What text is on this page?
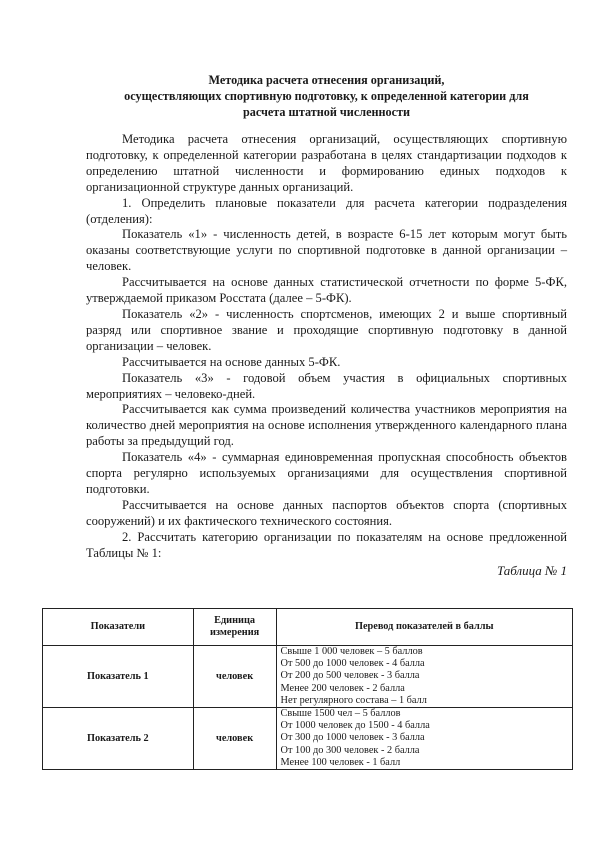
Методика расчета отнесения организаций,
осуществляющих спортивную подготовку, к определенной категории для
расчета штатной численности

Методика расчета отнесения организаций, осуществляющих спортивную подготовку, к определенной категории разработана в целях стандартизации подходов к определению штатной численности и формированию единых подходов к организационной структуре данных организаций.

1. Определить плановые показатели для расчета категории подразделения (отделения):

Показатель «1» - численность детей, в возрасте 6-15 лет которым могут быть оказаны соответствующие услуги по спортивной подготовке в данной организации – человек.

Рассчитывается на основе данных статистической отчетности по форме 5-ФК, утверждаемой приказом Росстата (далее – 5-ФК).

Показатель «2» - численность спортсменов, имеющих 2 и выше спортивный разряд или спортивное звание и проходящие спортивную подготовку в данной организации – человек.

Рассчитывается на основе данных 5-ФК.

Показатель «3» - годовой объем участия в официальных спортивных мероприятиях – человеко-дней.

Рассчитывается как сумма произведений количества участников мероприятия на количество дней мероприятия на основе исполнения утвержденного календарного плана работы за предыдущий год.

Показатель «4» - суммарная единовременная пропускная способность объектов спорта регулярно используемых организациями для осуществления спортивной подготовки.

Рассчитывается на основе данных паспортов объектов спорта (спортивных сооружений) и их фактического технического состояния.

2. Рассчитать категорию организации по показателям на основе предложенной Таблицы № 1:

Таблица № 1
Показатели	Единица измерения	Перевод показателей в баллы
Показатель 1	человек	Свыше 1 000 человек – 5 баллов
От 500 до 1000 человек - 4 балла
От 200 до 500 человек - 3 балла
Менее 200 человек - 2 балла
Нет регулярного состава – 1 балл

Показатель 2	человек	Свыше 1500 чел – 5 баллов
От 1000 человек до 1500 - 4 балла
От 300 до 1000 человек - 3 балла
От 100 до 300 человек - 2 балла
Менее 100 человек - 1 балл
